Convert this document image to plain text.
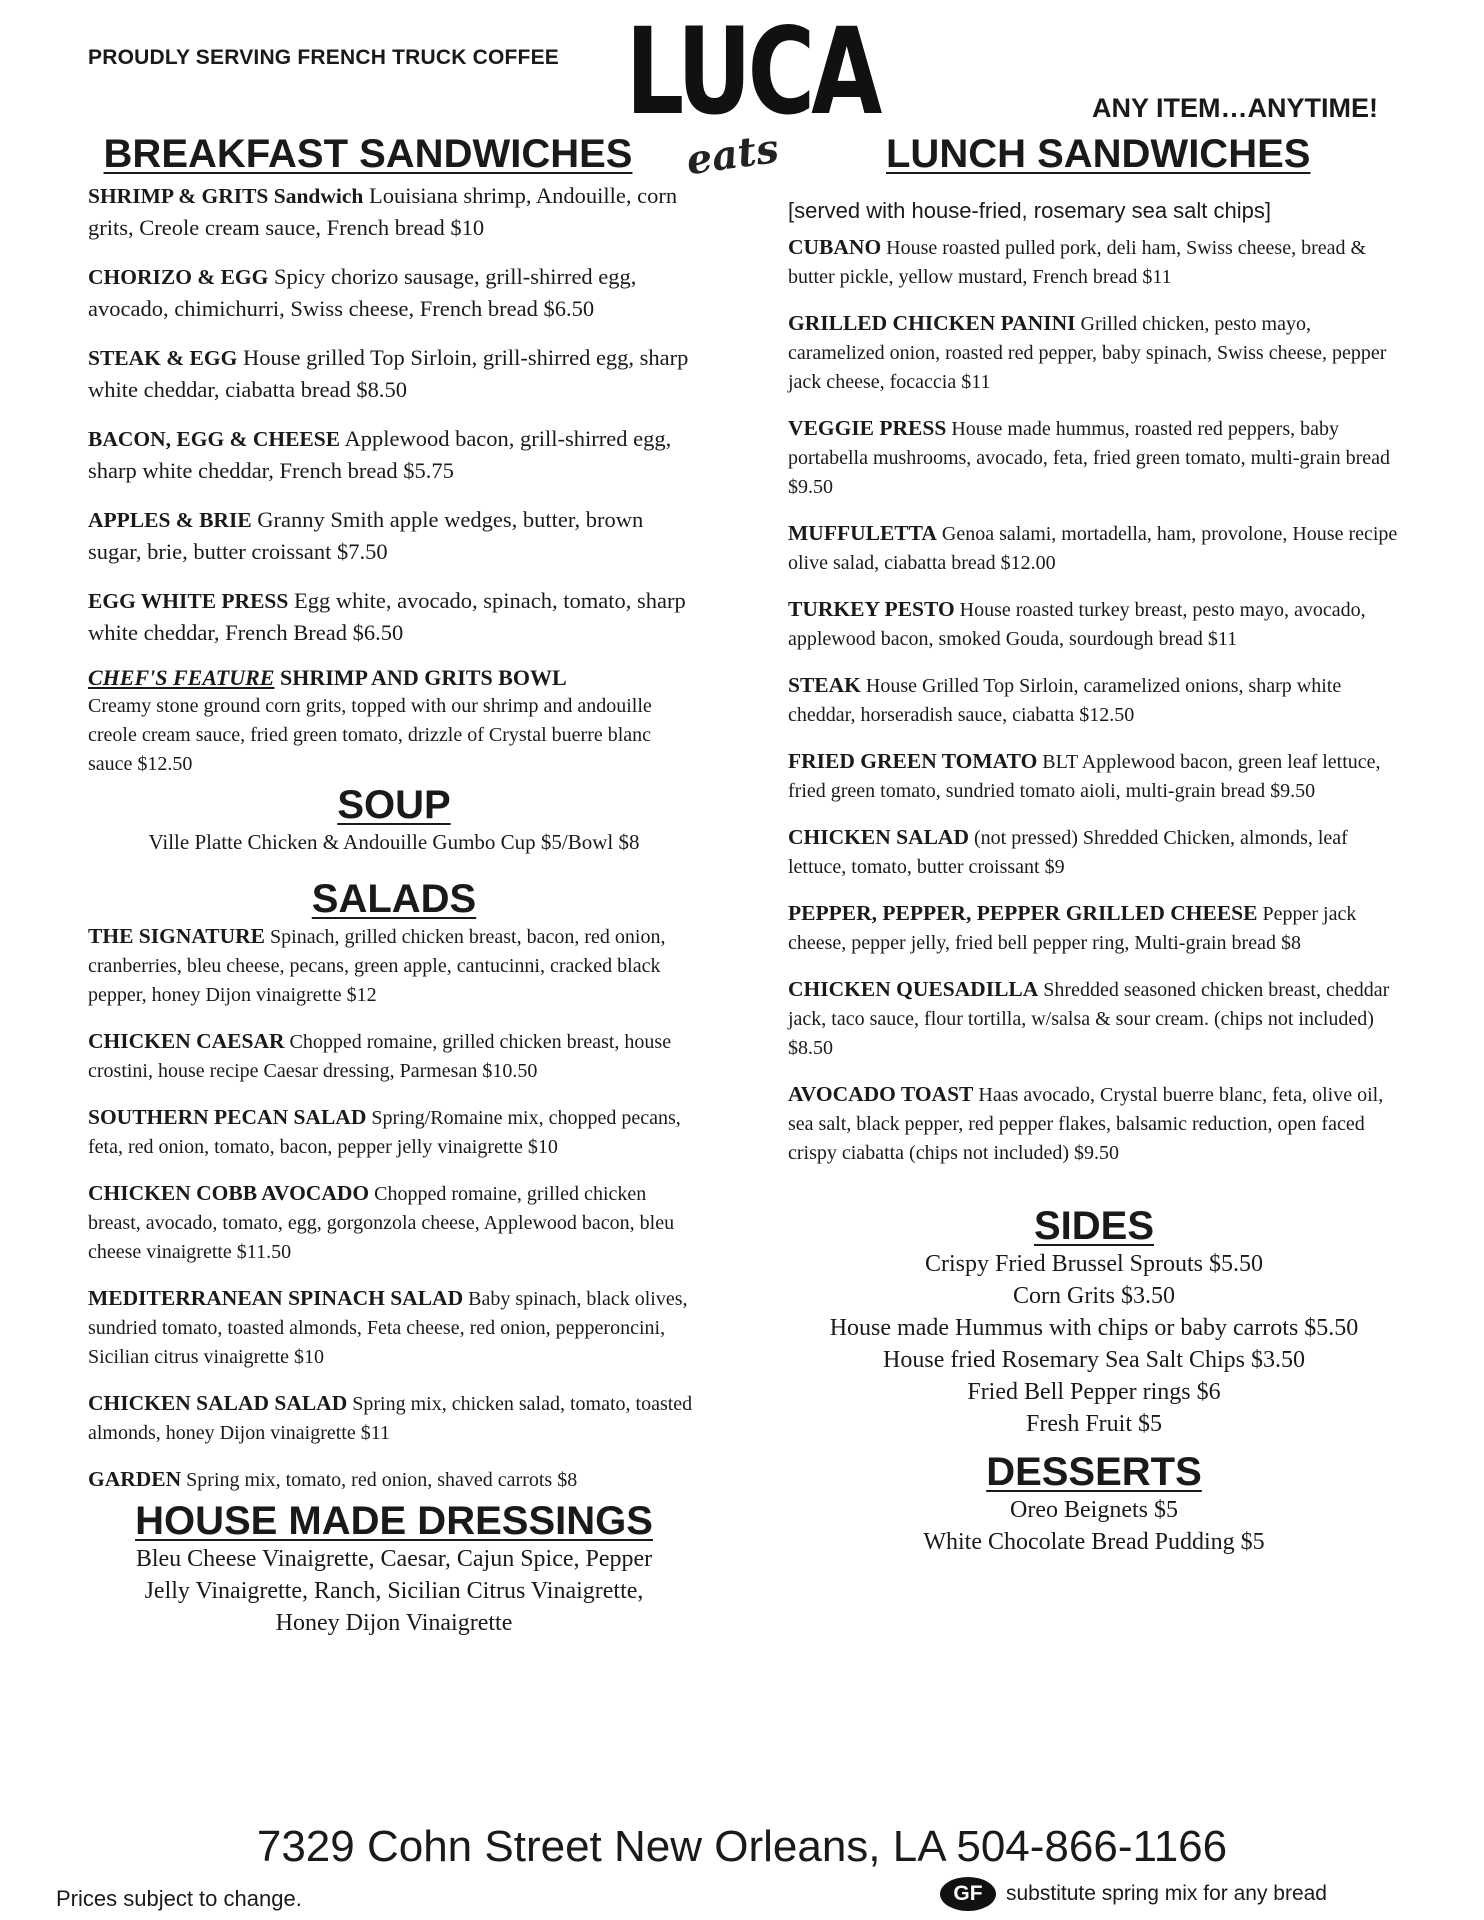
PROUDLY SERVING FRENCH TRUCK COFFEE LUCA
eats
ANY ITEM…ANYTIME!
BREAKFAST SANDWICHES
SHRIMP & GRITS Sandwich Louisiana shrimp, Andouille, corn grits, Creole cream sauce, French bread $10
CHORIZO & EGG Spicy chorizo sausage, grill-shirred egg, avocado, chimichurri, Swiss cheese, French bread $6.50
STEAK & EGG House grilled Top Sirloin, grill-shirred egg, sharp white cheddar, ciabatta bread $8.50
BACON, EGG & CHEESE Applewood bacon, grill-shirred egg, sharp white cheddar, French bread $5.75
APPLES & BRIE Granny Smith apple wedges, butter, brown sugar, brie, butter croissant $7.50
EGG WHITE PRESS Egg white, avocado, spinach, tomato, sharp white cheddar, French Bread $6.50
CHEF'S FEATURE SHRIMP AND GRITS BOWL
Creamy stone ground corn grits, topped with our shrimp and andouille creole cream sauce, fried green tomato, drizzle of Crystal buerre blanc sauce $12.50
SOUP
Ville Platte Chicken & Andouille Gumbo Cup $5/Bowl $8
SALADS
THE SIGNATURE Spinach, grilled chicken breast, bacon, red onion, cranberries, bleu cheese, pecans, green apple, cantucinni, cracked black pepper, honey Dijon vinaigrette $12
CHICKEN CAESAR Chopped romaine, grilled chicken breast, house crostini, house recipe Caesar dressing, Parmesan $10.50
SOUTHERN PECAN SALAD Spring/Romaine mix, chopped pecans, feta, red onion, tomato, bacon, pepper jelly vinaigrette $10
CHICKEN COBB AVOCADO Chopped romaine, grilled chicken breast, avocado, tomato, egg, gorgonzola cheese, Applewood bacon, bleu cheese vinaigrette $11.50
MEDITERRANEAN SPINACH SALAD Baby spinach, black olives, sundried tomato, toasted almonds, Feta cheese, red onion, pepperoncini, Sicilian citrus vinaigrette $10
CHICKEN SALAD SALAD Spring mix, chicken salad, tomato, toasted almonds, honey Dijon vinaigrette $11
GARDEN Spring mix, tomato, red onion, shaved carrots $8
HOUSE MADE DRESSINGS
Bleu Cheese Vinaigrette, Caesar, Cajun Spice, Pepper Jelly Vinaigrette, Ranch, Sicilian Citrus Vinaigrette, Honey Dijon Vinaigrette
LUNCH SANDWICHES
[served with house-fried, rosemary sea salt chips]
CUBANO House roasted pulled pork, deli ham, Swiss cheese, bread & butter pickle, yellow mustard, French bread $11
GRILLED CHICKEN PANINI Grilled chicken, pesto mayo, caramelized onion, roasted red pepper, baby spinach, Swiss cheese, pepper jack cheese, focaccia $11
VEGGIE PRESS House made hummus, roasted red peppers, baby portabella mushrooms, avocado, feta, fried green tomato, multi-grain bread $9.50
MUFFULETTA Genoa salami, mortadella, ham, provolone, House recipe olive salad, ciabatta bread $12.00
TURKEY PESTO House roasted turkey breast, pesto mayo, avocado, applewood bacon, smoked Gouda, sourdough bread $11
STEAK House Grilled Top Sirloin, caramelized onions, sharp white cheddar, horseradish sauce, ciabatta $12.50
FRIED GREEN TOMATO BLT Applewood bacon, green leaf lettuce, fried green tomato, sundried tomato aioli, multi-grain bread $9.50
CHICKEN SALAD (not pressed) Shredded Chicken, almonds, leaf lettuce, tomato, butter croissant $9
PEPPER, PEPPER, PEPPER GRILLED CHEESE Pepper jack cheese, pepper jelly, fried bell pepper ring, Multi-grain bread $8
CHICKEN QUESADILLA Shredded seasoned chicken breast, cheddar jack, taco sauce, flour tortilla, w/salsa & sour cream. (chips not included) $8.50
AVOCADO TOAST Haas avocado, Crystal buerre blanc, feta, olive oil, sea salt, black pepper, red pepper flakes, balsamic reduction, open faced crispy ciabatta (chips not included) $9.50
SIDES
Crispy Fried Brussel Sprouts $5.50
Corn Grits $3.50
House made Hummus with chips or baby carrots $5.50
House fried Rosemary Sea Salt Chips $3.50
Fried Bell Pepper rings $6
Fresh Fruit $5
DESSERTS
Oreo Beignets $5
White Chocolate Bread Pudding $5
7329 Cohn Street New Orleans, LA 504-866-1166
Prices subject to change.	GF	substitute spring mix for any bread
